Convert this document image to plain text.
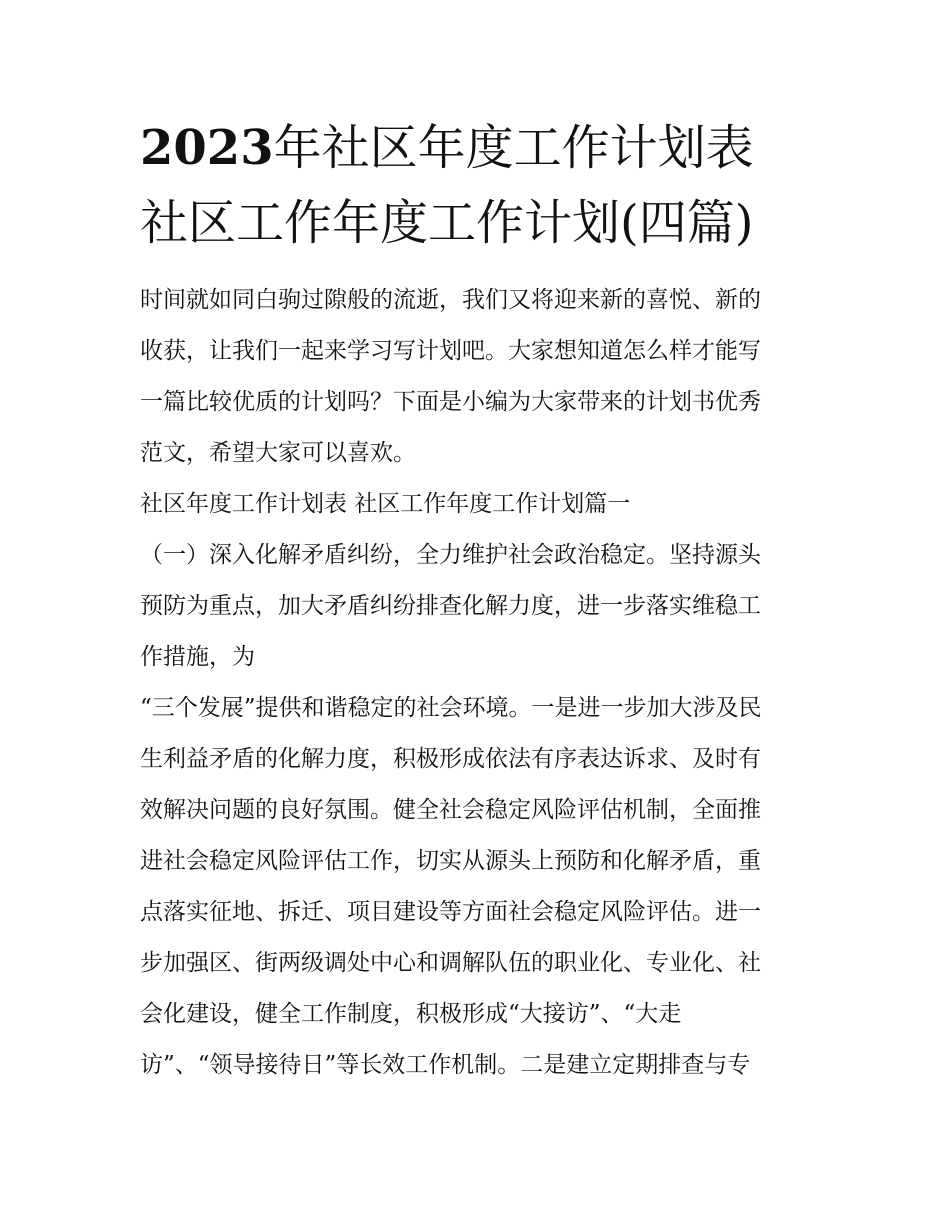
2023年社区年度工作计划表
社区工作年度工作计划(四篇)

时间就如同白驹过隙般的流逝，我们又将迎来新的喜悦、新的

收获，让我们一起来学习写计划吧。大家想知道怎么样才能写

一篇比较优质的计划吗？下面是小编为大家带来的计划书优秀

范文，希望大家可以喜欢。

社区年度工作计划表 社区工作年度工作计划篇一

（一）深入化解矛盾纠纷，全力维护社会政治稳定。坚持源头

预防为重点，加大矛盾纠纷排查化解力度，进一步落实维稳工

作措施，为

“三个发展”提供和谐稳定的社会环境。一是进一步加大涉及民

生利益矛盾的化解力度，积极形成依法有序表达诉求、及时有

效解决问题的良好氛围。健全社会稳定风险评估机制，全面推

进社会稳定风险评估工作，切实从源头上预防和化解矛盾，重

点落实征地、拆迁、项目建设等方面社会稳定风险评估。进一

步加强区、街两级调处中心和调解队伍的职业化、专业化、社

会化建设，健全工作制度，积极形成“大接访”、“大走

访”、“领导接待日”等长效工作机制。二是建立定期排查与专
